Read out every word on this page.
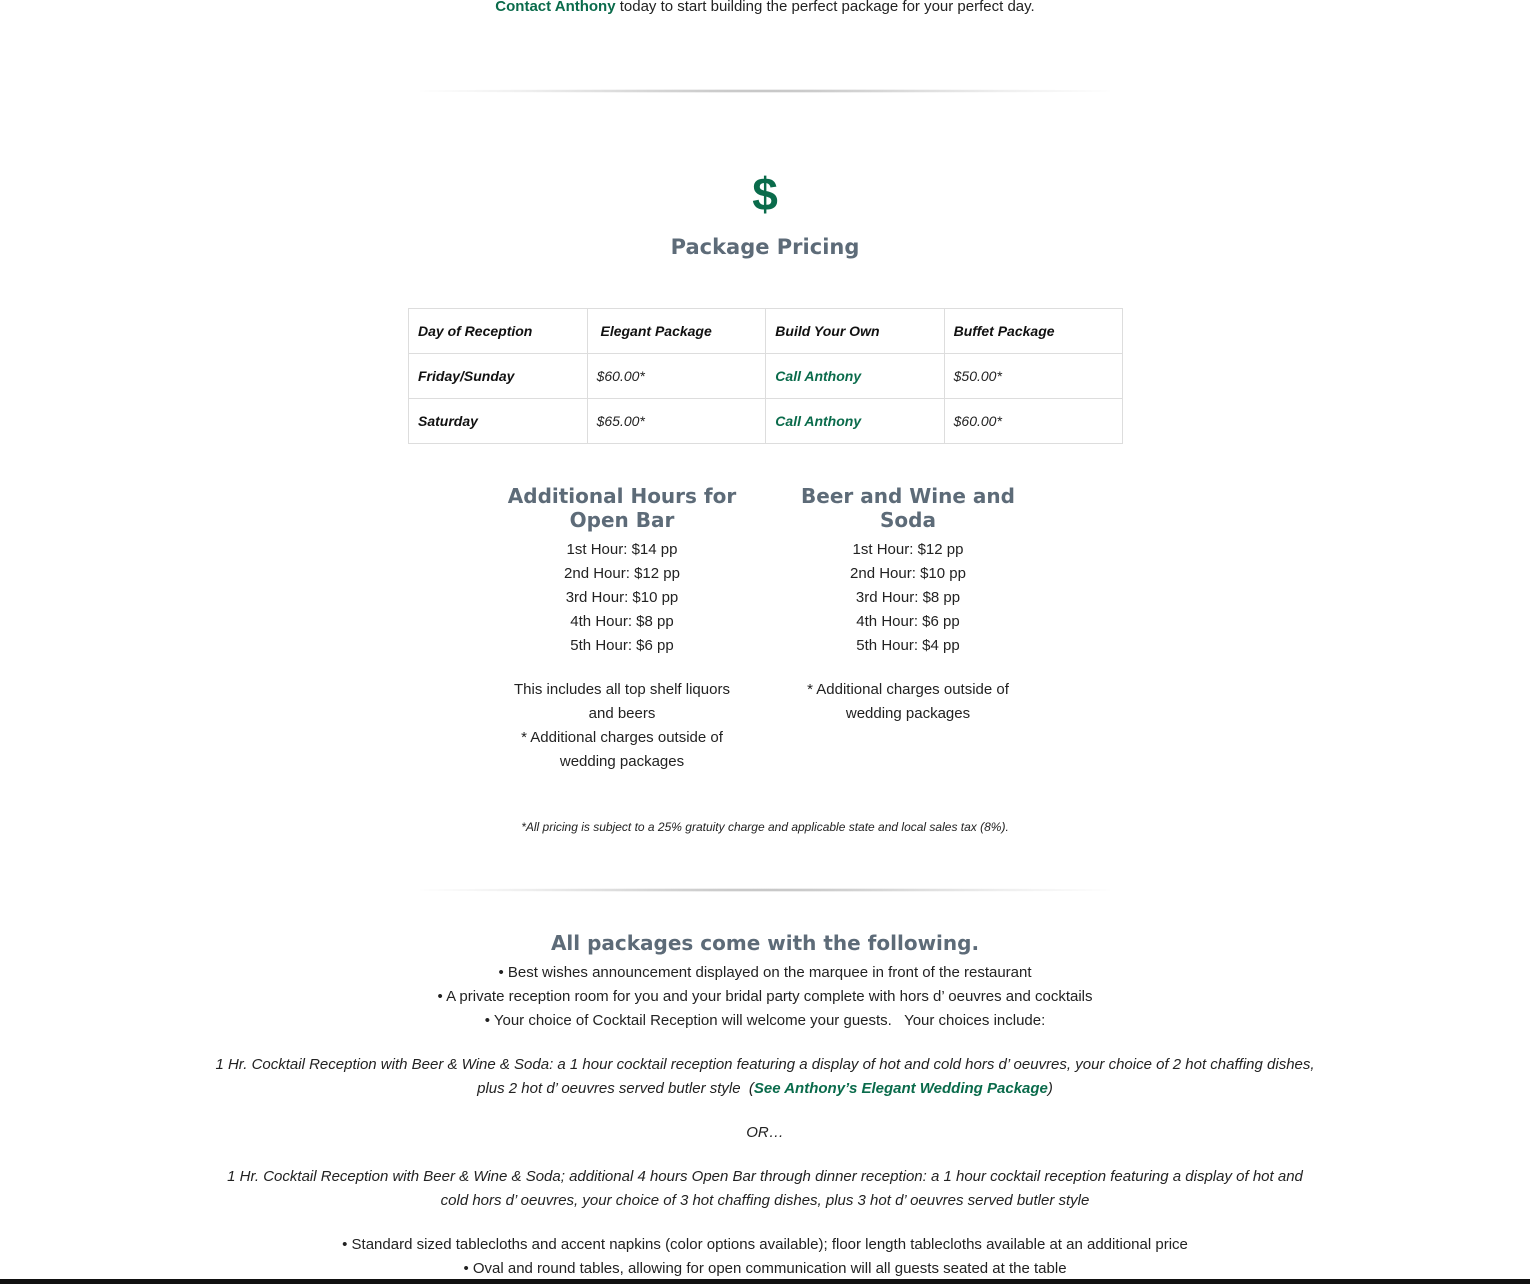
Contact Anthony today to start building the perfect package for your perfect day.
$
Package Pricing
Day of Reception	Elegant Package	Build Your Own	Buffet Package
Friday/Sunday	$60.00*	Call Anthony	$50.00*
Saturday	$65.00*	Call Anthony	$60.00*
Additional Hours for Open Bar
1st Hour: $14 pp
2nd Hour: $12 pp
3rd Hour: $10 pp
4th Hour: $8 pp
5th Hour: $6 pp
This includes all top shelf liquors and beers
* Additional charges outside of wedding packages
Beer and Wine and Soda
1st Hour: $12 pp
2nd Hour: $10 pp
3rd Hour: $8 pp
4th Hour: $6 pp
5th Hour: $4 pp
* Additional charges outside of wedding packages
*All pricing is subject to a 25% gratuity charge and applicable state and local sales tax (8%).
All packages come with the following.
• Best wishes announcement displayed on the marquee in front of the restaurant
• A private reception room for you and your bridal party complete with hors d’ oeuvres and cocktails
• Your choice of Cocktail Reception will welcome your guests.   Your choices include:
1 Hr. Cocktail Reception with Beer & Wine & Soda: a 1 hour cocktail reception featuring a display of hot and cold hors d’ oeuvres, your choice of 2 hot chaffing dishes, plus 2 hot d’ oeuvres served butler style  (See Anthony’s Elegant Wedding Package)
OR…
1 Hr. Cocktail Reception with Beer & Wine & Soda; additional 4 hours Open Bar through dinner reception: a 1 hour cocktail reception featuring a display of hot and cold hors d’ oeuvres, your choice of 3 hot chaffing dishes, plus 3 hot d’ oeuvres served butler style
• Standard sized tablecloths and accent napkins (color options available); floor length tablecloths available at an additional price
• Oval and round tables, allowing for open communication will all guests seated at the table
